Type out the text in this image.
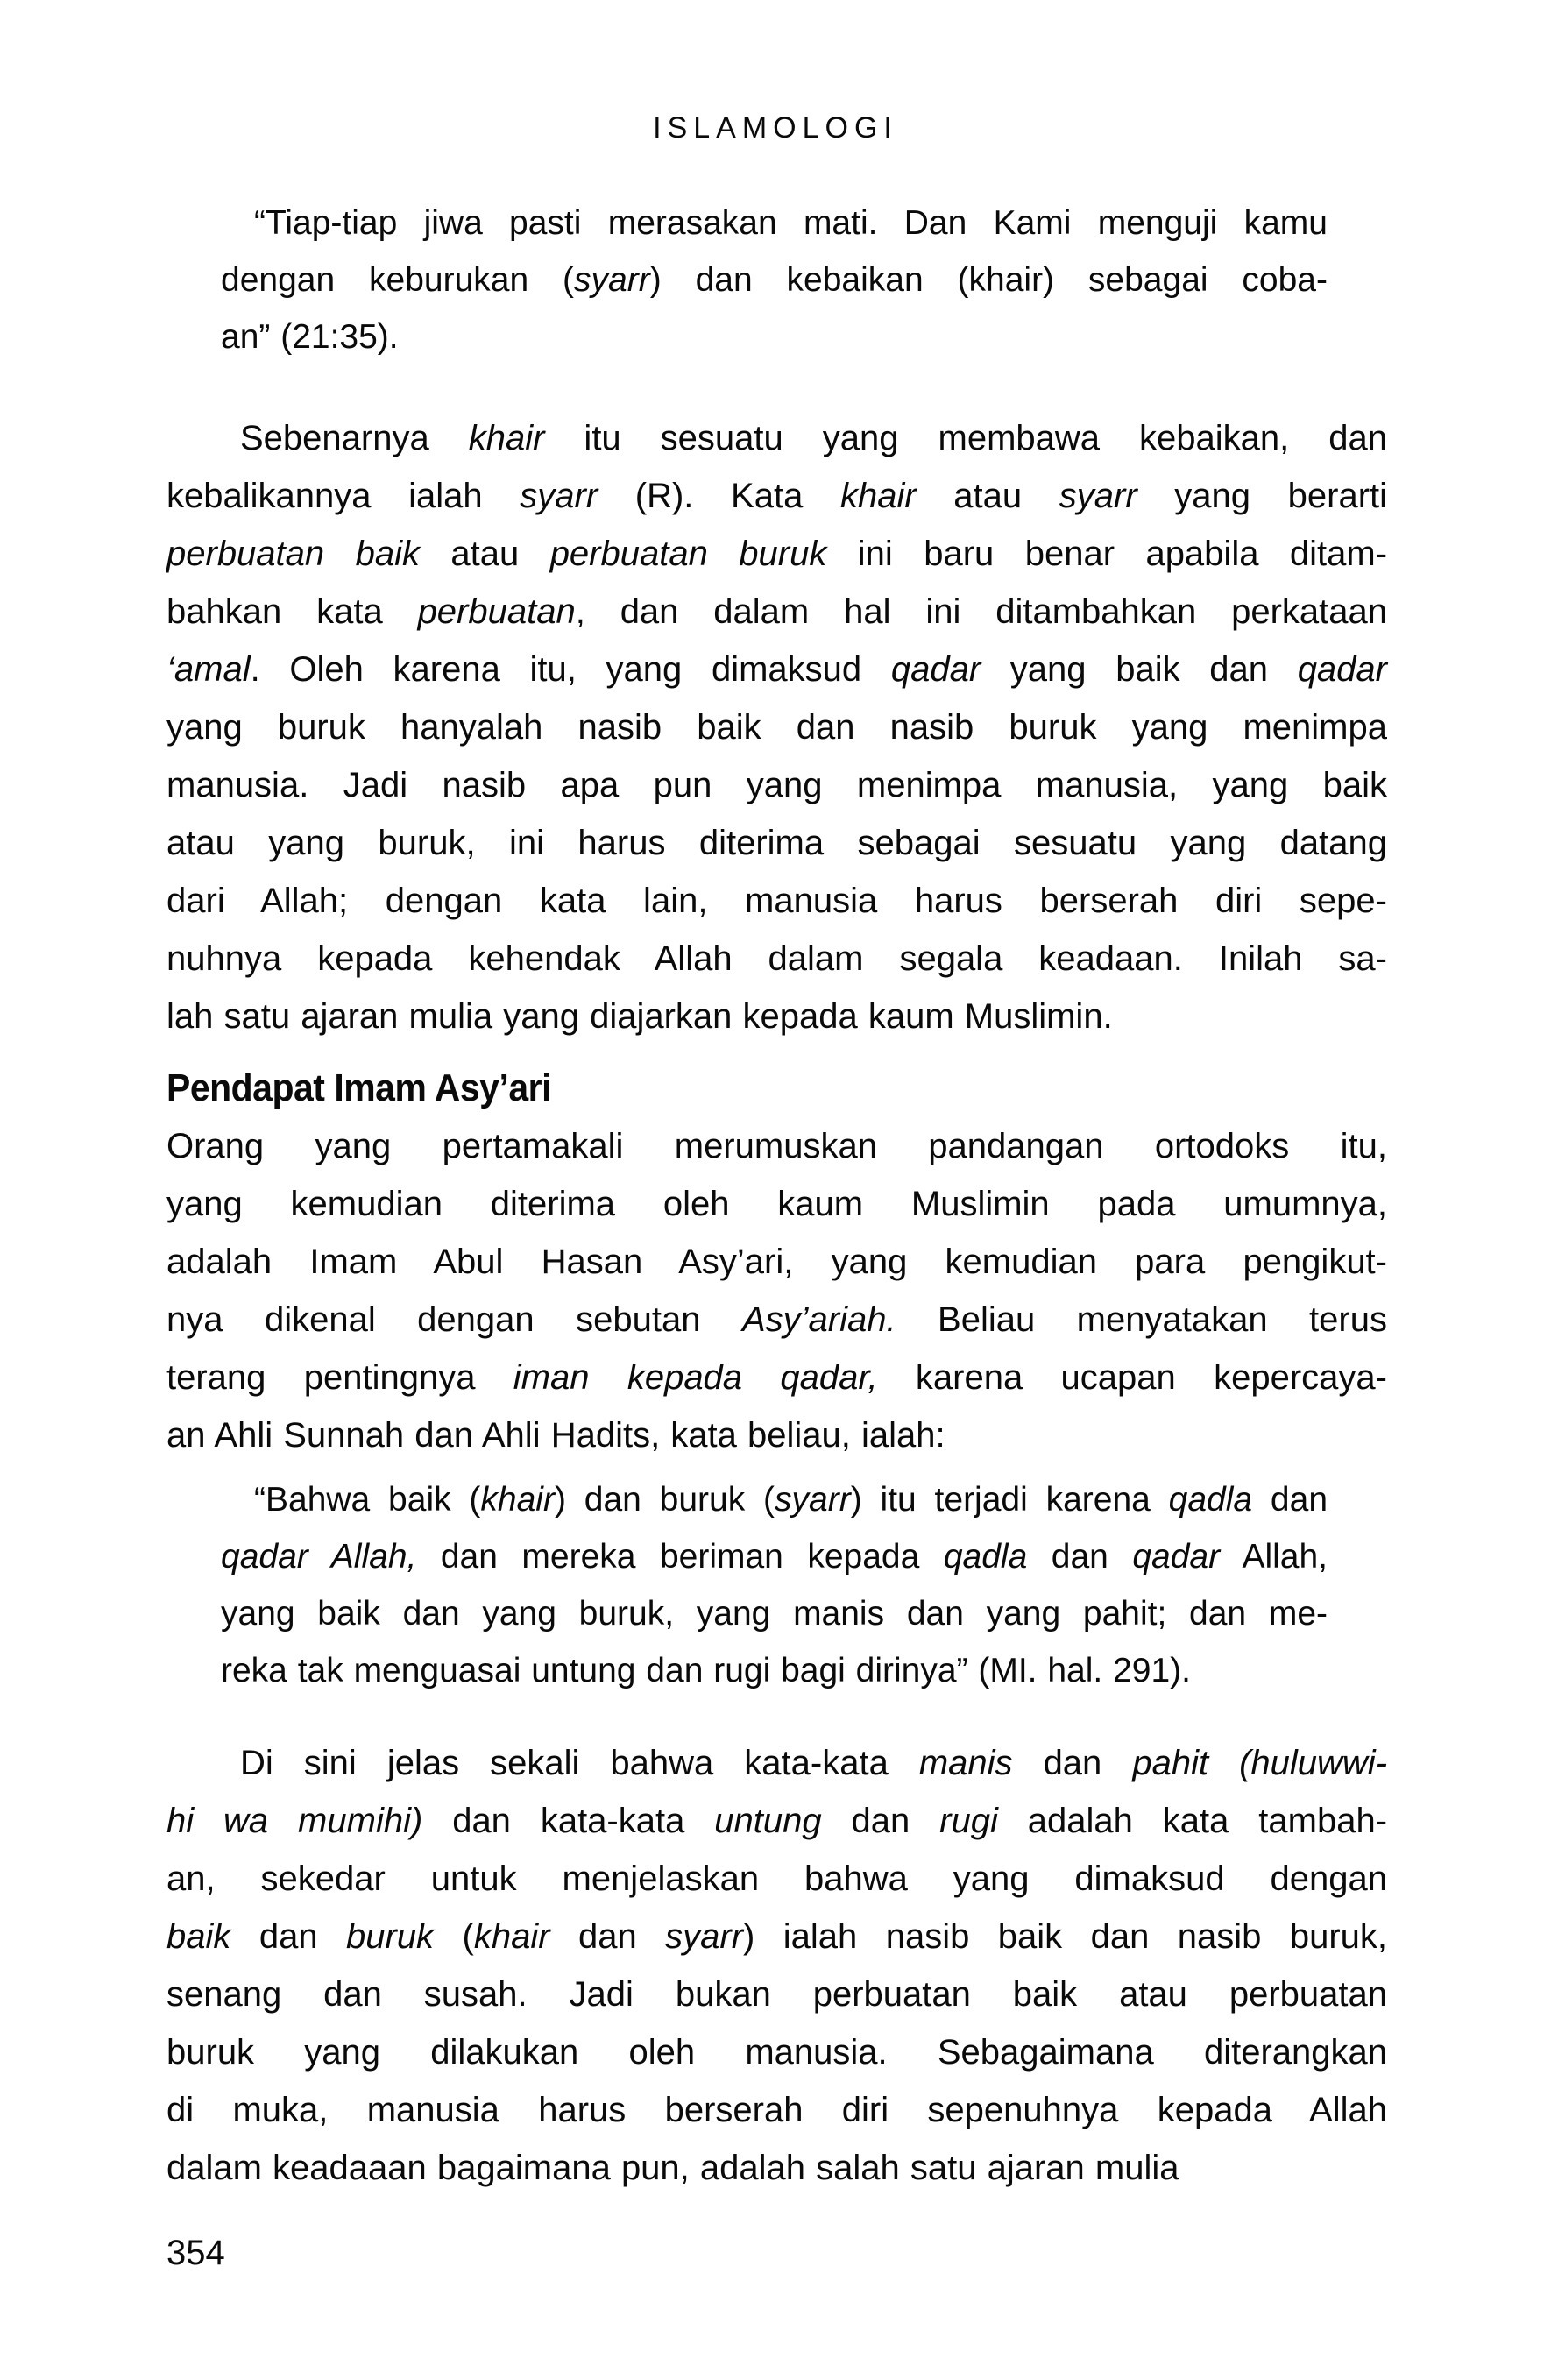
ISLAMOLOGI
“Tiap-tiap jiwa pasti merasakan mati. Dan Kami menguji kamu
dengan keburukan (syarr) dan kebaikan (khair) sebagai coba-
an” (21:35).
Sebenarnya khair itu sesuatu yang membawa kebaikan, dan
kebalikannya ialah syarr (R). Kata khair atau syarr yang berarti
perbuatan baik atau perbuatan buruk ini baru benar apabila ditam-
bahkan kata perbuatan, dan dalam hal ini ditambahkan perkataan
‘amal. Oleh karena itu, yang dimaksud qadar yang baik dan qadar
yang buruk hanyalah nasib baik dan nasib buruk yang menimpa
manusia. Jadi nasib apa pun yang menimpa manusia, yang baik
atau yang buruk, ini harus diterima sebagai sesuatu yang datang
dari Allah; dengan kata lain, manusia harus berserah diri sepe-
nuhnya kepada kehendak Allah dalam segala keadaan. Inilah sa-
lah satu ajaran mulia yang diajarkan kepada kaum Muslimin.
Pendapat Imam Asy’ari
Orang yang pertamakali merumuskan pandangan ortodoks itu,
yang kemudian diterima oleh kaum Muslimin pada umumnya,
adalah Imam Abul Hasan Asy’ari, yang kemudian para pengikut-
nya dikenal dengan sebutan Asy’ariah. Beliau menyatakan terus
terang pentingnya iman kepada qadar, karena ucapan kepercaya-
an Ahli Sunnah dan Ahli Hadits, kata beliau, ialah:
“Bahwa baik (khair) dan buruk (syarr) itu terjadi karena qadla dan
qadar Allah, dan mereka beriman kepada qadla dan qadar Allah,
yang baik dan yang buruk, yang manis dan yang pahit; dan me-
reka tak menguasai untung dan rugi bagi dirinya” (MI. hal. 291).
Di sini jelas sekali bahwa kata-kata manis dan pahit (huluwwi-
hi wa mumihi) dan kata-kata untung dan rugi adalah kata tambah-
an, sekedar untuk menjelaskan bahwa yang dimaksud dengan
baik dan buruk (khair dan syarr) ialah nasib baik dan nasib buruk,
senang dan susah. Jadi bukan perbuatan baik atau perbuatan
buruk yang dilakukan oleh manusia. Sebagaimana diterangkan
di muka, manusia harus berserah diri sepenuhnya kepada Allah
dalam keadaaan bagaimana pun, adalah salah satu ajaran mulia
354
